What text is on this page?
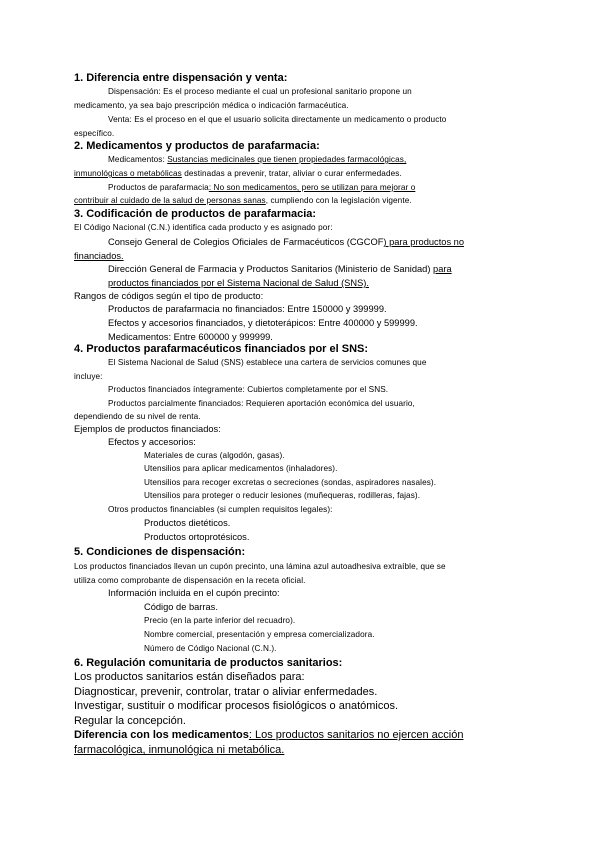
1. Diferencia entre dispensación y venta:
Dispensación: Es el proceso mediante el cual un profesional sanitario propone un
medicamento, ya sea bajo prescripción médica o indicación farmacéutica.
Venta: Es el proceso en el que el usuario solicita directamente un medicamento o producto
específico.
2. Medicamentos y productos de parafarmacia:
Medicamentos: Sustancias medicinales que tienen propiedades farmacológicas,
inmunológicas o metabólicas destinadas a prevenir, tratar, aliviar o curar enfermedades.
Productos de parafarmacia: No son medicamentos, pero se utilizan para mejorar o
contribuir al cuidado de la salud de personas sanas, cumpliendo con la legislación vigente.
3. Codificación de productos de parafarmacia:
El Código Nacional (C.N.) identifica cada producto y es asignado por:
Consejo General de Colegios Oficiales de Farmacéuticos (CGCOF) para productos no
financiados.
Dirección General de Farmacia y Productos Sanitarios (Ministerio de Sanidad) para
productos financiados por el Sistema Nacional de Salud (SNS).
Rangos de códigos según el tipo de producto:
Productos de parafarmacia no financiados: Entre 150000 y 399999.
Efectos y accesorios financiados, y dietoterápicos: Entre 400000 y 599999.
Medicamentos: Entre 600000 y 999999.
4. Productos parafarmacéuticos financiados por el SNS:
El Sistema Nacional de Salud (SNS) establece una cartera de servicios comunes que
incluye:
Productos financiados íntegramente: Cubiertos completamente por el SNS.
Productos parcialmente financiados: Requieren aportación económica del usuario,
dependiendo de su nivel de renta.
Ejemplos de productos financiados:
Efectos y accesorios:
Materiales de curas (algodón, gasas).
Utensilios para aplicar medicamentos (inhaladores).
Utensilios para recoger excretas o secreciones (sondas, aspiradores nasales).
Utensilios para proteger o reducir lesiones (muñequeras, rodilleras, fajas).
Otros productos financiables (si cumplen requisitos legales):
Productos dietéticos.
Productos ortoprotésicos.
5. Condiciones de dispensación:
Los productos financiados llevan un cupón precinto, una lámina azul autoadhesiva extraíble, que se
utiliza como comprobante de dispensación en la receta oficial.
Información incluida en el cupón precinto:
Código de barras.
Precio (en la parte inferior del recuadro).
Nombre comercial, presentación y empresa comercializadora.
Número de Código Nacional (C.N.).
6. Regulación comunitaria de productos sanitarios:
Los productos sanitarios están diseñados para:
Diagnosticar, prevenir, controlar, tratar o aliviar enfermedades.
Investigar, sustituir o modificar procesos fisiológicos o anatómicos.
Regular la concepción.
Diferencia con los medicamentos: Los productos sanitarios no ejercen acción
farmacológica, inmunológica ni metabólica.
